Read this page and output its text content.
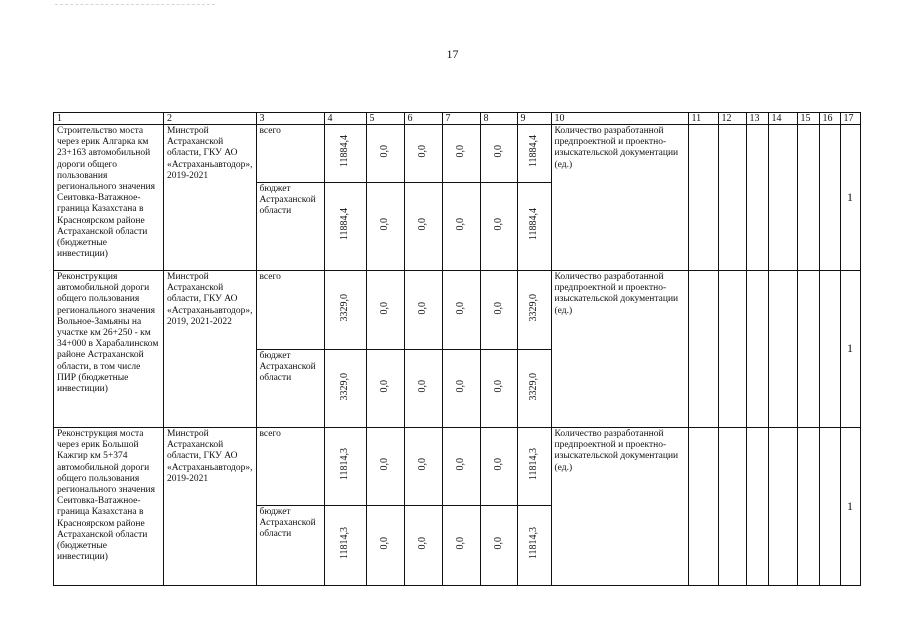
17
1	2	3	4	5	6	7	8	9	10	11	12	13	14	15	16	17
Строительство моста через ерик Алгарка км 23+163 автомобильной дороги общего пользования регионального значения Сеитовка-Ватажное-граница Казахстана в Красноярском районе Астраханской области (бюджетные инвестиции)	Минстрой Астраханской области, ГКУ АО «Астраханьавтодор», 2019-2021	всего	11884,4	0,0	0,0	0,0	0,0	11884,4	Количество разработанной предпроектной и проектно-изыскательской документации (ед.)							1
		бюджет Астраханской области	11884,4	0,0	0,0	0,0	0,0	11884,4								
Реконструкция автомобильной дороги общего пользования регионального значения Вольное-Замьяны на участке км 26+250 - км 34+000 в Харабалинском районе Астраханской области, в том числе ПИР (бюджетные инвестиции)	Минстрой Астраханской области, ГКУ АО «Астраханьавтодор», 2019, 2021-2022	всего	3329,0	0,0	0,0	0,0	0,0	3329,0	Количество разработанной предпроектной и проектно-изыскательской документации (ед.)							1
		бюджет Астраханской области	3329,0	0,0	0,0	0,0	0,0	3329,0								
Реконструкция моста через ерик Большой Кажгир км 5+374 автомобильной дороги общего пользования регионального значения Сеитовка-Ватажное-граница Казахстана в Красноярском районе Астраханской области (бюджетные инвестиции)	Минстрой Астраханской области, ГКУ АО «Астраханьавтодор», 2019-2021	всего	11814,3	0,0	0,0	0,0	0,0	11814,3	Количество разработанной предпроектной и проектно-изыскательской документации (ед.)							1
		бюджет Астраханской области	11814,3	0,0	0,0	0,0	0,0	11814,3								
